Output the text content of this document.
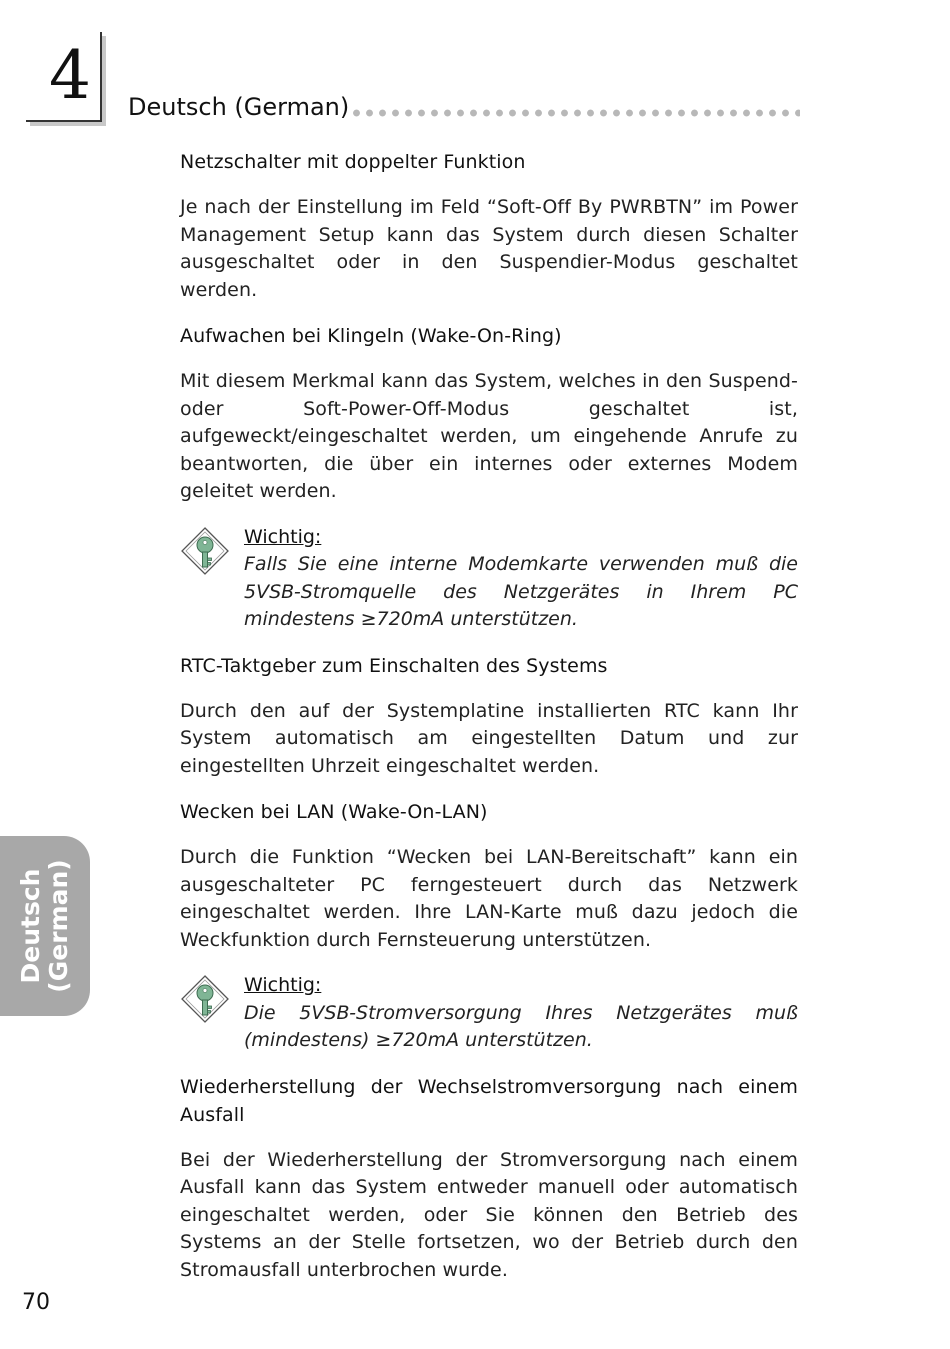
4 Deutsch (German)
Netzschalter mit doppelter Funktion
Je nach der Einstellung im Feld “Soft-Off By PWRBTN” im Power Management Setup kann das System durch diesen Schalter ausgeschaltet oder in den Suspendier-Modus geschaltet werden.
Aufwachen bei Klingeln (Wake-On-Ring)
Mit diesem Merkmal kann das System, welches in den Suspend- oder Soft-Power-Off-Modus geschaltet ist, aufgeweckt/eingeschaltet werden, um eingehende Anrufe zu beantworten, die über ein internes oder externes Modem geleitet werden.
Wichtig:
Falls Sie eine interne Modemkarte verwenden muß die 5VSB-Stromquelle des Netzgerätes in Ihrem PC mindestens ≥720mA unterstützen.
RTC-Taktgeber zum Einschalten des Systems
Durch den auf der Systemplatine installierten RTC kann Ihr System automatisch am eingestellten Datum und zur eingestellten Uhrzeit eingeschaltet werden.
Wecken bei LAN (Wake-On-LAN)
Durch die Funktion “Wecken bei LAN-Bereitschaft” kann ein ausgeschalteter PC ferngesteuert durch das Netzwerk eingeschaltet werden. Ihre LAN-Karte muß dazu jedoch die Weckfunktion durch Fernsteuerung unterstützen.
Wichtig:
Die 5VSB-Stromversorgung Ihres Netzgerätes muß (mindestens) ≥720mA unterstützen.
Wiederherstellung der Wechselstromversorgung nach einem Ausfall
Bei der Wiederherstellung der Stromversorgung nach einem Ausfall kann das System entweder manuell oder automatisch eingeschaltet werden, oder Sie können den Betrieb des Systems an der Stelle fortsetzen, wo der Betrieb durch den Stromausfall unterbrochen wurde.
Deutsch (German)
70
